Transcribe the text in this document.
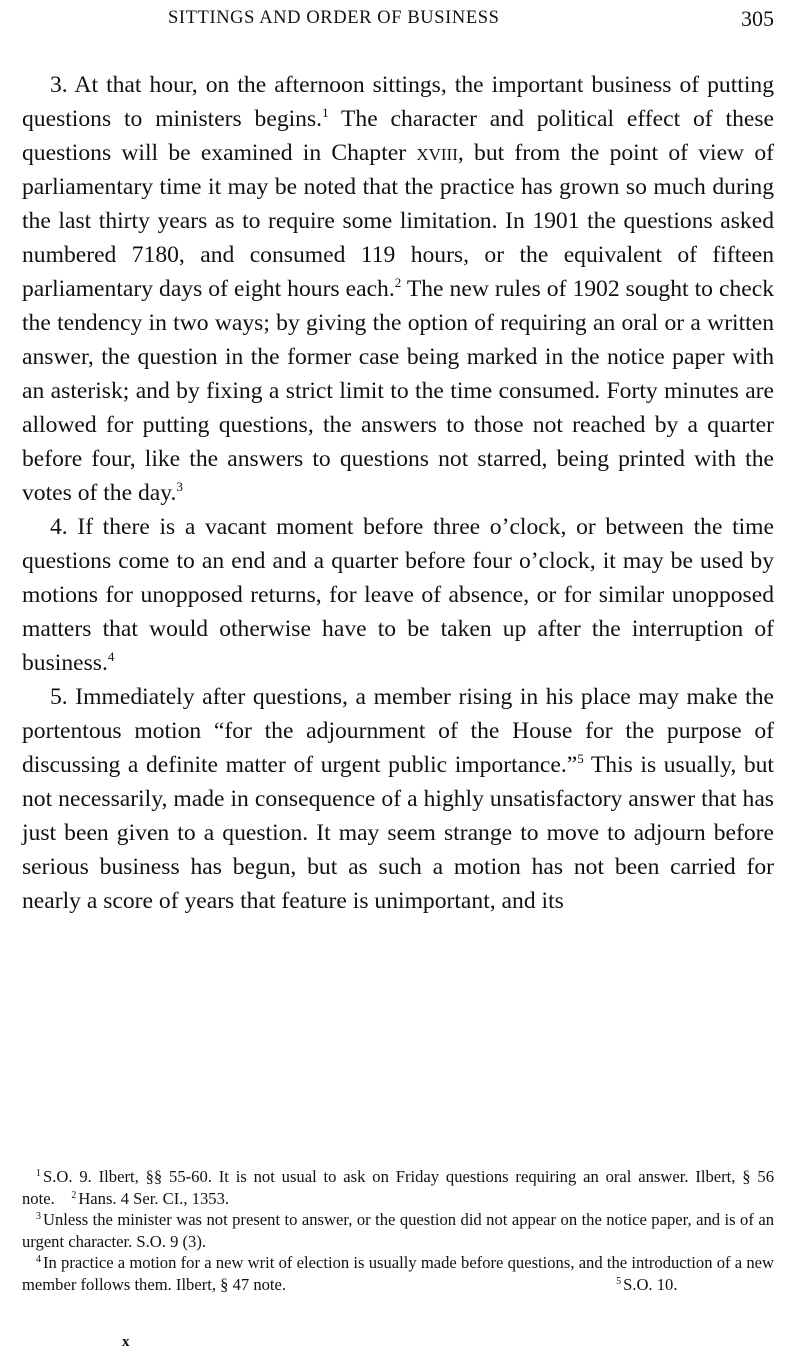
SITTINGS AND ORDER OF BUSINESS	305

3. At that hour, on the afternoon sittings, the important business of putting questions to ministers begins.$^1$ The character and political effect of these questions will be examined in Chapter xviii, but from the point of view of parliamentary time it may be noted that the practice has grown so much during the last thirty years as to require some limitation. In 1901 the questions asked numbered 7180, and consumed 119 hours, or the equivalent of fifteen parliamentary days of eight hours each.$^2$ The new rules of 1902 sought to check the tendency in two ways; by giving the option of requiring an oral or a written answer, the question in the former case being marked in the notice paper with an asterisk; and by fixing a strict limit to the time consumed. Forty minutes are allowed for putting questions, the answers to those not reached by a quarter before four, like the answers to questions not starred, being printed with the votes of the day.$^3$

4. If there is a vacant moment before three o’clock, or between the time questions come to an end and a quarter before four o’clock, it may be used by motions for unopposed returns, for leave of absence, or for similar unopposed matters that would otherwise have to be taken up after the interruption of business.$^4$

5. Immediately after questions, a member rising in his place may make the portentous motion “for the adjournment of the House for the purpose of discussing a definite matter of urgent public importance.”$^5$ This is usually, but not necessarily, made in consequence of a highly unsatisfactory answer that has just been given to a question. It may seem strange to move to adjourn before serious business has begun, but as such a motion has not been carried for nearly a score of years that feature is unimportant, and its

$^1$ S.O. 9. Ilbert, §§ 55-60. It is not usual to ask on Friday questions requiring an oral answer. Ilbert, § 56 note. $^2$ Hans. 4 Ser. CI., 1353.

$^3$ Unless the minister was not present to answer, or the question did not appear on the notice paper, and is of an urgent character. S.O. 9 (3).

$^4$ In practice a motion for a new writ of election is usually made before questions, and the introduction of a new member follows them. Ilbert, § 47 note.	$^5$ S.O. 10.

x
